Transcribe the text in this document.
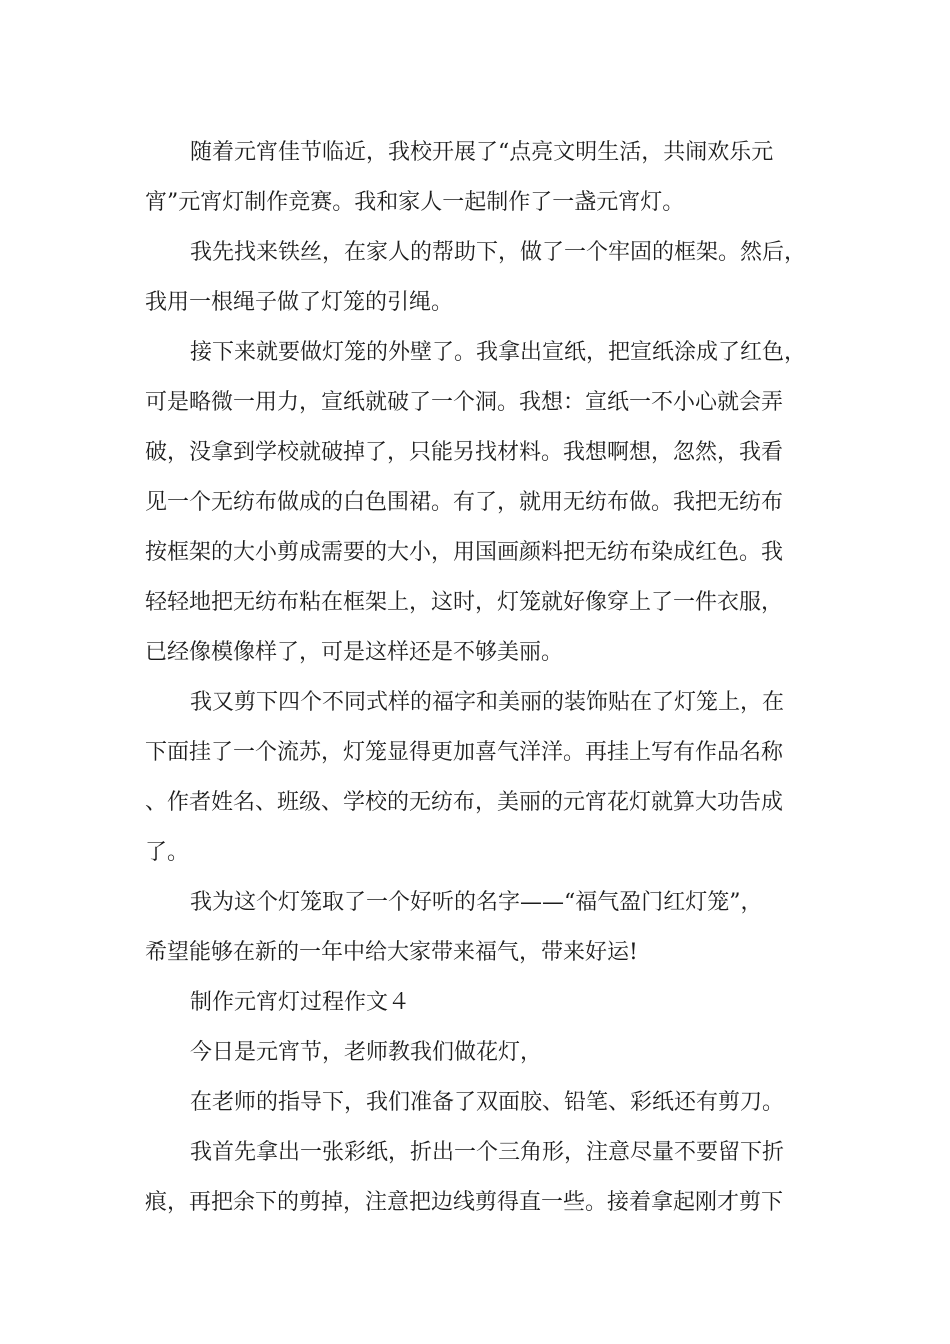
随着元宵佳节临近，我校开展了“点亮文明生活，共闹欢乐元

宵”元宵灯制作竞赛。我和家人一起制作了一盏元宵灯。

我先找来铁丝，在家人的帮助下，做了一个牢固的框架。然后，

我用一根绳子做了灯笼的引绳。

接下来就要做灯笼的外壁了。我拿出宣纸，把宣纸涂成了红色，

可是略微一用力，宣纸就破了一个洞。我想：宣纸一不小心就会弄

破，没拿到学校就破掉了，只能另找材料。我想啊想，忽然，我看

见一个无纺布做成的白色围裙。有了，就用无纺布做。我把无纺布

按框架的大小剪成需要的大小，用国画颜料把无纺布染成红色。我

轻轻地把无纺布粘在框架上，这时，灯笼就好像穿上了一件衣服，

已经像模像样了，可是这样还是不够美丽。

我又剪下四个不同式样的福字和美丽的装饰贴在了灯笼上，在

下面挂了一个流苏，灯笼显得更加喜气洋洋。再挂上写有作品名称

、作者姓名、班级、学校的无纺布，美丽的元宵花灯就算大功告成

了。

我为这个灯笼取了一个好听的名字——“福气盈门红灯笼”，

希望能够在新的一年中给大家带来福气，带来好运!

制作元宵灯过程作文４

今日是元宵节，老师教我们做花灯，

在老师的指导下，我们准备了双面胶、铅笔、彩纸还有剪刀。

我首先拿出一张彩纸，折出一个三角形，注意尽量不要留下折

痕，再把余下的剪掉，注意把边线剪得直一些。接着拿起刚才剪下
